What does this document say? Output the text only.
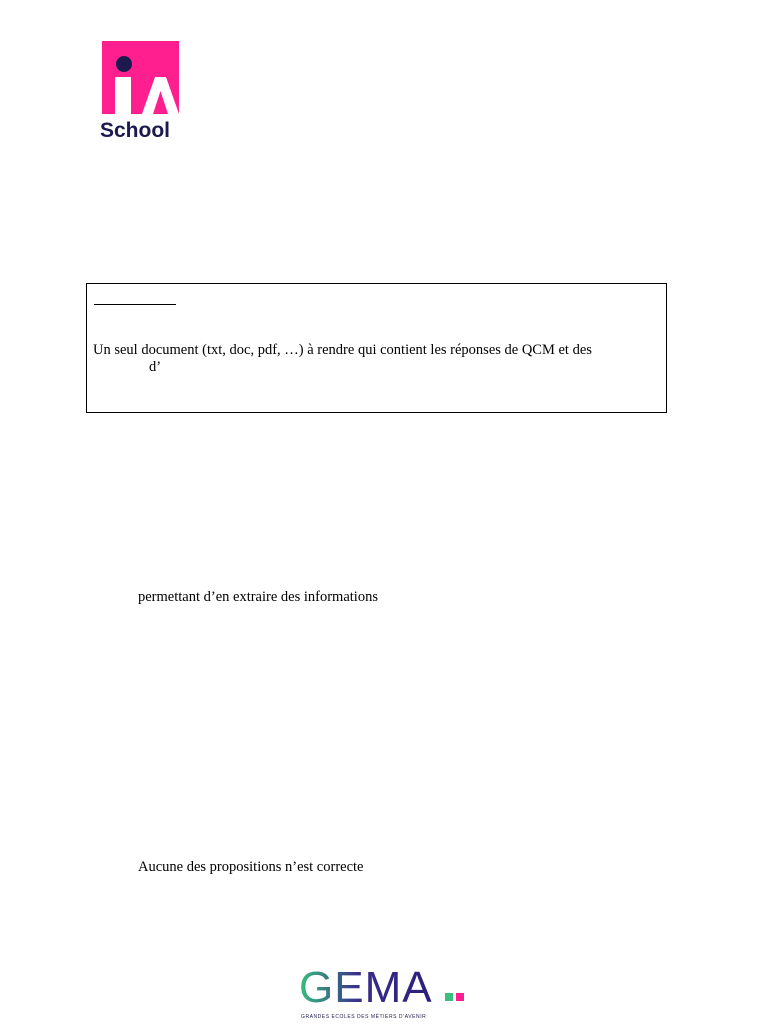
School
Un seul document (txt, doc, pdf, …) à rendre qui contient les réponses de QCM et des
d’
permettant d’en extraire des informations
Aucune des propositions n’est correcte
GEMA
GRANDES ECOLES DES MÉTIERS D’AVENIR
